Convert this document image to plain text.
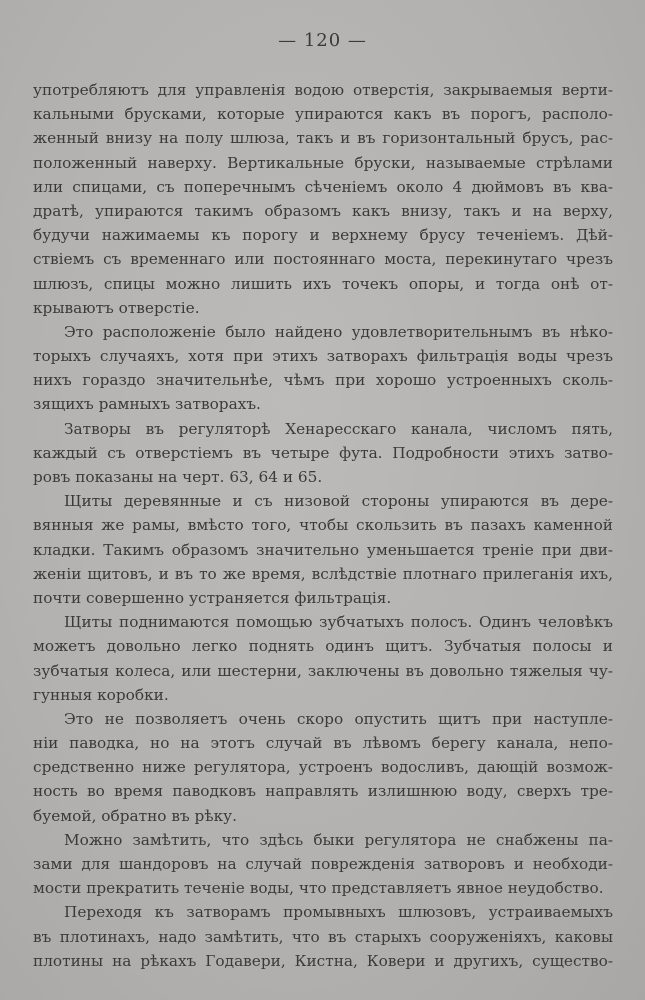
— 120 —
употребляютъ для управленія водою отверстія, закрываемыя верти-
кальными брусками, которые упираются какъ въ порогъ, располо-
женный внизу на полу шлюза, такъ и въ горизонтальный брусъ, рас-
положенный наверху. Вертикальные бруски, называемые стрѣлами
или спицами, съ поперечнымъ сѣченіемъ около 4 дюймовъ въ ква-
дратѣ, упираются такимъ образомъ какъ внизу, такъ и на верху,
будучи нажимаемы къ порогу и верхнему брусу теченіемъ. Дѣй-
ствіемъ съ временнаго или постояннаго моста, перекинутаго чрезъ
шлюзъ, спицы можно лишить ихъ точекъ опоры, и тогда онѣ от-
крываютъ отверстіе.
Это расположеніе было найдено удовлетворительнымъ въ нѣко-
торыхъ случаяхъ, хотя при этихъ затворахъ фильтрація воды чрезъ
нихъ гораздо значительнѣе, чѣмъ при хорошо устроенныхъ сколь-
зящихъ рамныхъ затворахъ.
Затворы въ регуляторѣ Хенаресскаго канала, числомъ пять,
каждый съ отверстіемъ въ четыре фута. Подробности этихъ затво-
ровъ показаны на черт. 63, 64 и 65.
Щиты деревянные и съ низовой стороны упираются въ дере-
вянныя же рамы, вмѣсто того, чтобы скользить въ пазахъ каменной
кладки. Такимъ образомъ значительно уменьшается треніе при дви-
женіи щитовъ, и въ то же время, вслѣдствіе плотнаго прилеганія ихъ,
почти совершенно устраняется фильтрація.
Щиты поднимаются помощью зубчатыхъ полосъ. Одинъ человѣкъ
можетъ довольно легко поднять одинъ щитъ. Зубчатыя полосы и
зубчатыя колеса, или шестерни, заключены въ довольно тяжелыя чу-
гунныя коробки.
Это не позволяетъ очень скоро опустить щитъ при наступле-
ніи паводка, но на этотъ случай въ лѣвомъ берегу канала, непо-
средственно ниже регулятора, устроенъ водосливъ, дающій возмож-
ность во время паводковъ направлять излишнюю воду, сверхъ тре-
буемой, обратно въ рѣку.
Можно замѣтить, что здѣсь быки регулятора не снабжены па-
зами для шандоровъ на случай поврежденія затворовъ и необходи-
мости прекратить теченіе воды, что представляетъ явное неудобство.
Переходя къ затворамъ промывныхъ шлюзовъ, устраиваемыхъ
въ плотинахъ, надо замѣтить, что въ старыхъ сооруженіяхъ, каковы
плотины на рѣкахъ Годавери, Кистна, Ковери и другихъ, существо-
